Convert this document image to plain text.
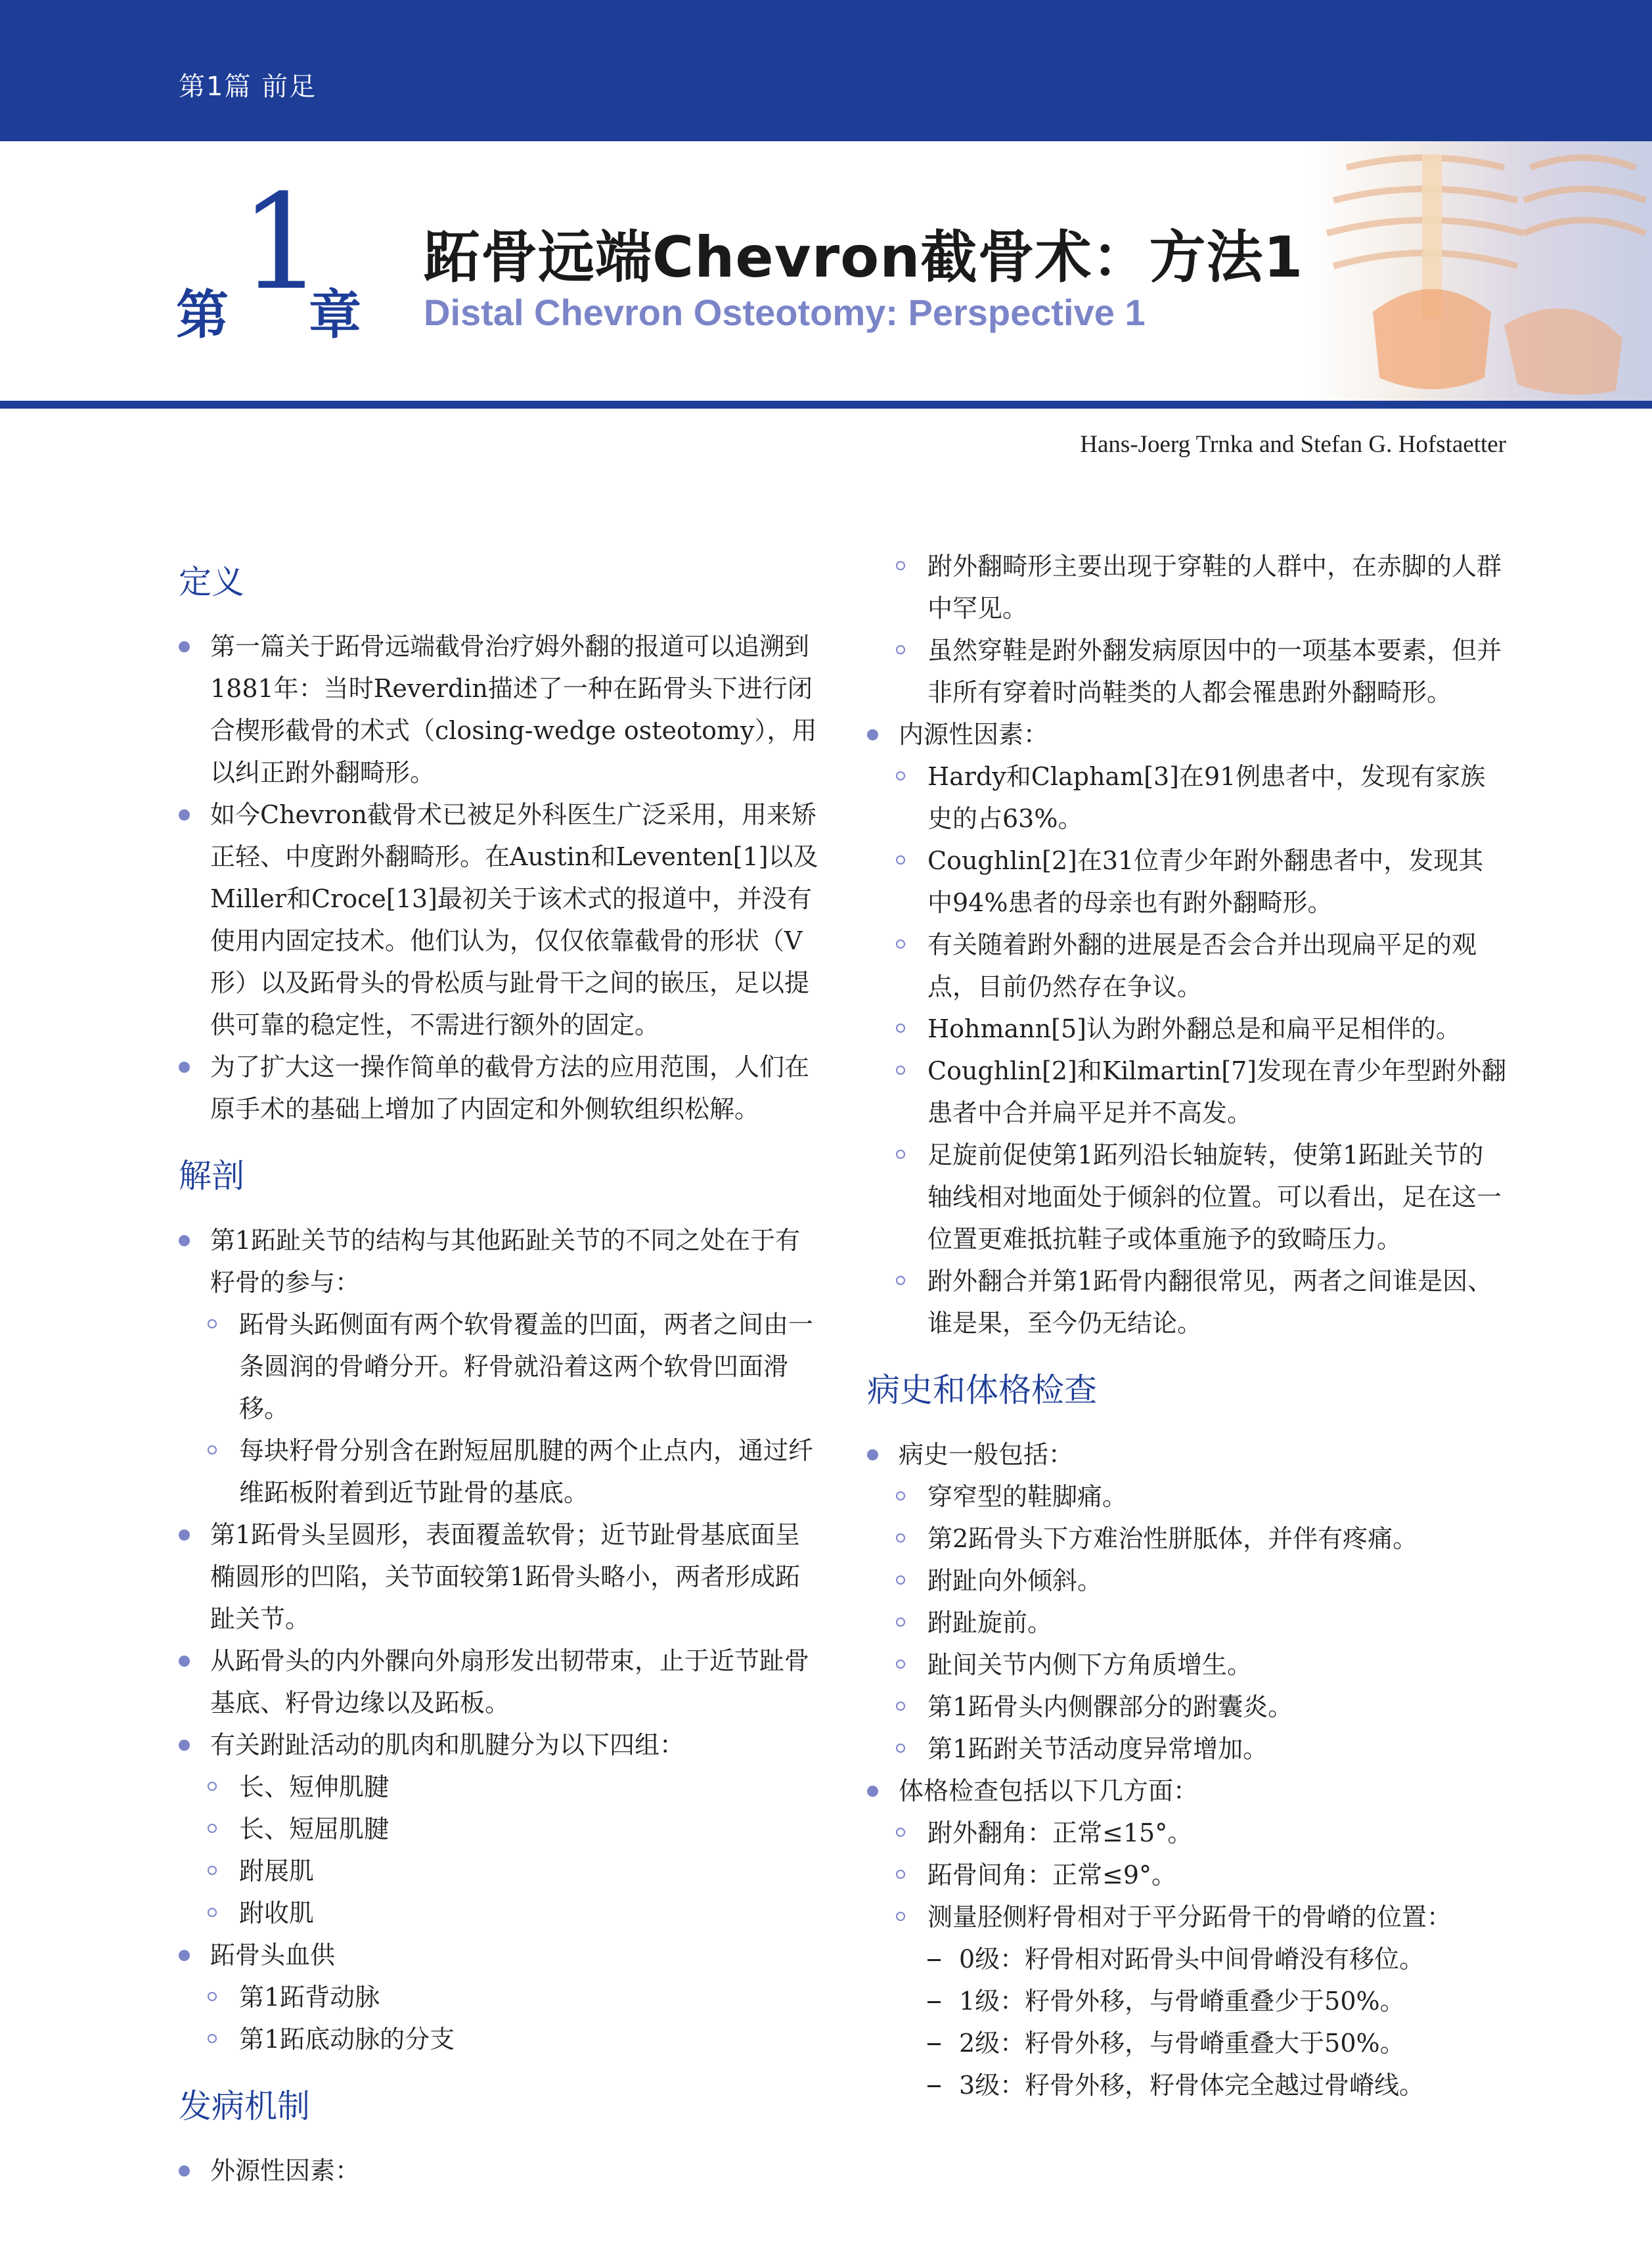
第1篇 前足
第 1
章
跖骨远端Chevron截骨术：方法1
Distal Chevron Osteotomy: Perspective 1
Hans-Joerg Trnka and Stefan G. Hofstaetter
定义
第一篇关于跖骨远端截骨治疗姆外翻的报道可以追溯到1881年：当时Reverdin描述了一种在跖骨头下进行闭合楔形截骨的术式（closing-wedge osteotomy），用以纠正跗外翻畸形。
如今Chevron截骨术已被足外科医生广泛采用，用来矫正轻、中度跗外翻畸形。在Austin和Leventen[1]以及Miller和Croce[13]最初关于该术式的报道中，并没有使用内固定技术。他们认为，仅仅依靠截骨的形状（V形）以及跖骨头的骨松质与趾骨干之间的嵌压，足以提供可靠的稳定性，不需进行额外的固定。
为了扩大这一操作简单的截骨方法的应用范围，人们在原手术的基础上增加了内固定和外侧软组织松解。
解剖
第1跖趾关节的结构与其他跖趾关节的不同之处在于有籽骨的参与：
跖骨头跖侧面有两个软骨覆盖的凹面，两者之间由一条圆润的骨嵴分开。籽骨就沿着这两个软骨凹面滑移。
每块籽骨分别含在跗短屈肌腱的两个止点内，通过纤维跖板附着到近节趾骨的基底。
第1跖骨头呈圆形，表面覆盖软骨；近节趾骨基底面呈椭圆形的凹陷，关节面较第1跖骨头略小，两者形成跖趾关节。
从跖骨头的内外髁向外扇形发出韧带束，止于近节趾骨基底、籽骨边缘以及跖板。
有关跗趾活动的肌肉和肌腱分为以下四组：
长、短伸肌腱
长、短屈肌腱
跗展肌
跗收肌
跖骨头血供
第1跖背动脉
第1跖底动脉的分支
发病机制
外源性因素：
跗外翻畸形主要出现于穿鞋的人群中，在赤脚的人群中罕见。
虽然穿鞋是跗外翻发病原因中的一项基本要素，但并非所有穿着时尚鞋类的人都会罹患跗外翻畸形。
内源性因素：
Hardy和Clapham[3]在91例患者中，发现有家族史的占63%。
Coughlin[2]在31位青少年跗外翻患者中，发现其中94%患者的母亲也有跗外翻畸形。
有关随着跗外翻的进展是否会合并出现扁平足的观点，目前仍然存在争议。
Hohmann[5]认为跗外翻总是和扁平足相伴的。
Coughlin[2]和Kilmartin[7]发现在青少年型跗外翻患者中合并扁平足并不高发。
足旋前促使第1跖列沿长轴旋转，使第1跖趾关节的轴线相对地面处于倾斜的位置。可以看出，足在这一位置更难抵抗鞋子或体重施予的致畸压力。
跗外翻合并第1跖骨内翻很常见，两者之间谁是因、谁是果，至今仍无结论。
病史和体格检查
病史一般包括：
穿窄型的鞋脚痛。
第2跖骨头下方难治性胼胝体，并伴有疼痛。
跗趾向外倾斜。
跗趾旋前。
趾间关节内侧下方角质增生。
第1跖骨头内侧髁部分的跗囊炎。
第1跖跗关节活动度异常增加。
体格检查包括以下几方面：
跗外翻角：正常≤15°。
跖骨间角：正常≤9°。
测量胫侧籽骨相对于平分跖骨干的骨嵴的位置：
0级：籽骨相对跖骨头中间骨嵴没有移位。
1级：籽骨外移，与骨嵴重叠少于50%。
2级：籽骨外移，与骨嵴重叠大于50%。
3级：籽骨外移，籽骨体完全越过骨嵴线。
